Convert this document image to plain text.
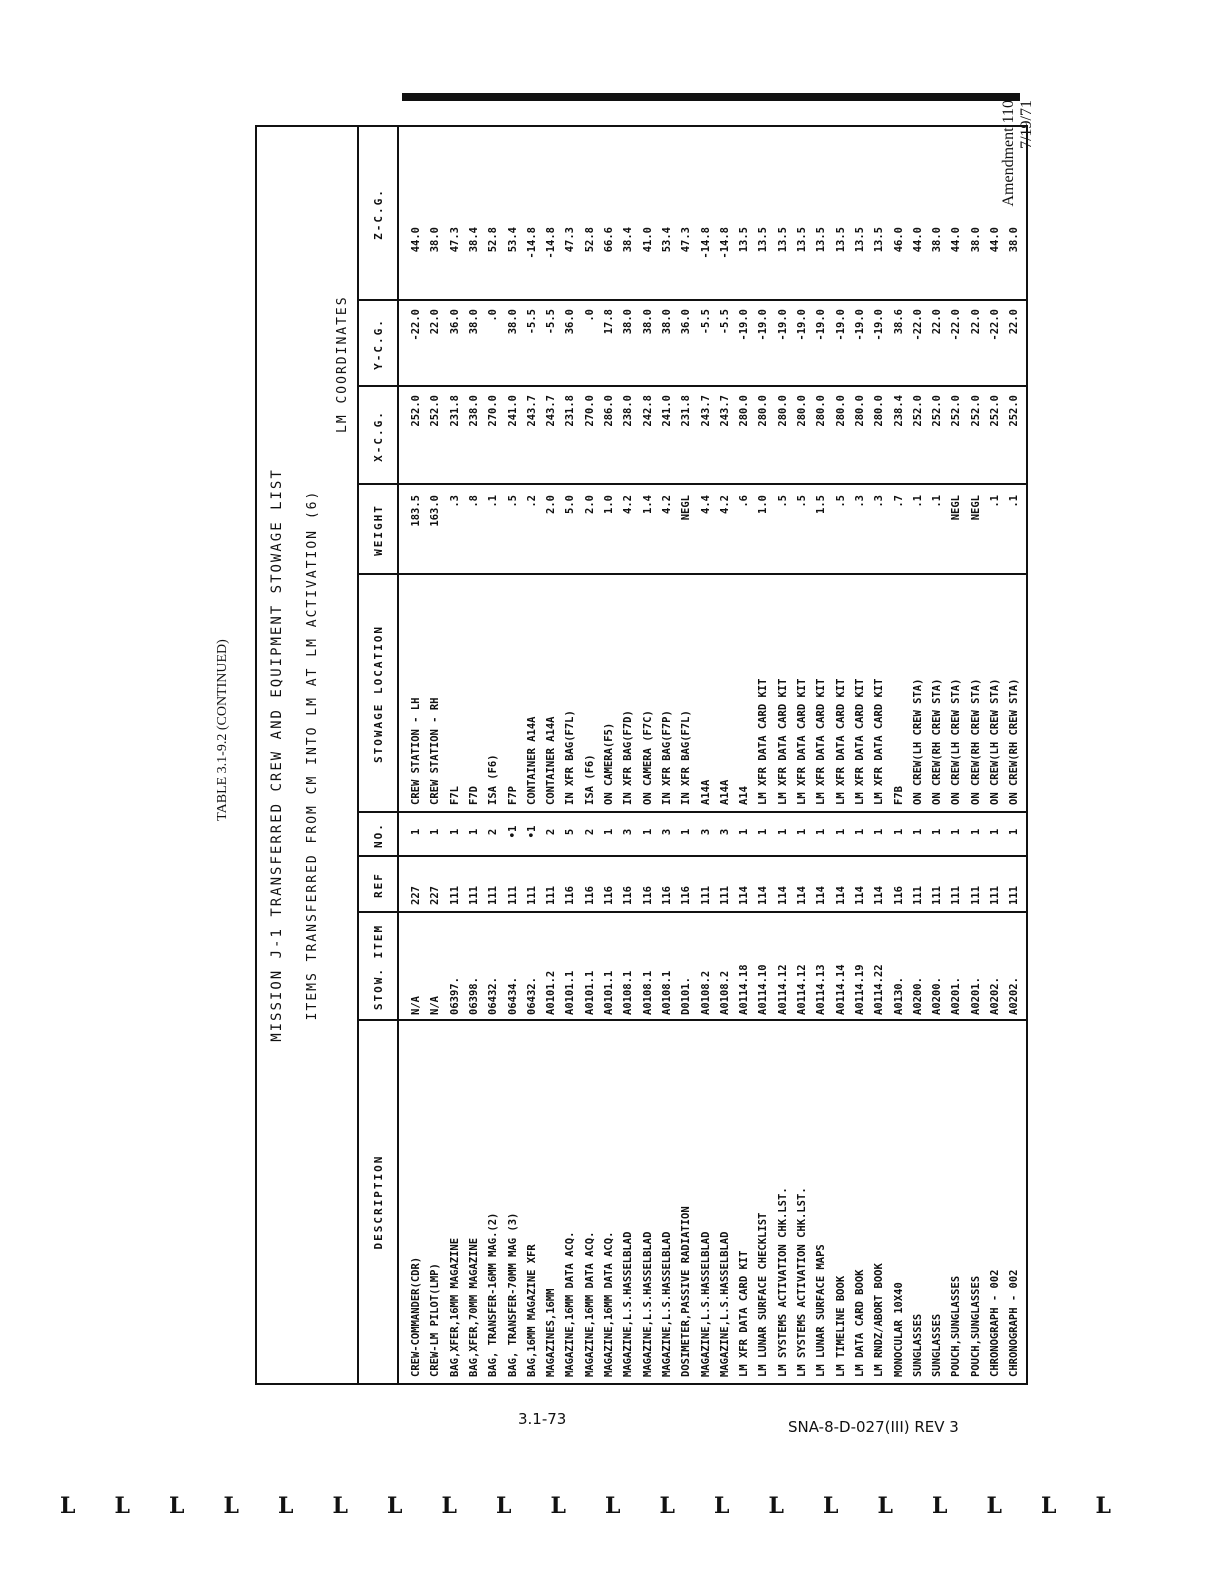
Amendment 110 7/19/71
TABLE 3.1-9.2 (CONTINUED)	MISSION J-1 TRANSFERRED CREW AND EQUIPMENT STOWAGE LIST ITEMS TRANSFERRED FROM CM INTO LM AT LM ACTIVATION (6)
LM COORDINATES
DESCRIPTION
STOW. ITEM
REF
NO.
STOWAGE LOCATION
WEIGHT
X-C.G.
Y-C.G.
Z-C.G.
CREW-COMMANDER(CDR)
N/A
227
1
CREW STATION - LH
183.5
252.0
-22.0
44.0
CREW-LM PILOT(LMP)
N/A
227
1
CREW STATION - RH
163.0
252.0
22.0
38.0
BAG,XFER,16MM MAGAZINE
06397.
111
1
F7L
.3
231.8
36.0
47.3
BAG,XFER,70MM MAGAZINE
06398.
111
1
F7D
.8
238.0
38.0
38.4
BAG, TRANSFER-16MM MAG.(2)
06432.
111
2
ISA (F6)
.1
270.0
.0
52.8
BAG, TRANSFER-70MM MAG (3)
06434.
111
•1
F7P
.5
241.0
38.0
53.4
BAG,16MM MAGAZINE XFR
06432.
111
•1
CONTAINER A14A
.2
243.7
-5.5
-14.8
MAGAZINES,16MM
A0101.2
111
2
CONTAINER A14A
2.0
243.7
-5.5
-14.8
MAGAZINE,16MM DATA ACQ.
A0101.1
116
5
IN XFR BAG(F7L)
5.0
231.8
36.0
47.3
MAGAZINE,16MM DATA ACQ.
A0101.1
116
2
ISA (F6)
2.0
270.0
.0
52.8
MAGAZINE,16MM DATA ACQ.
A0101.1
116
1
ON CAMERA(F5)
1.0
286.0
17.8
66.6
MAGAZINE,L.S.HASSELBLAD
A0108.1
116
3
IN XFR BAG(F7D)
4.2
238.0
38.0
38.4
MAGAZINE,L.S.HASSELBLAD
A0108.1
116
1
ON CAMERA (F7C)
1.4
242.8
38.0
41.0
MAGAZINE,L.S.HASSELBLAD
A0108.1
116
3
IN XFR BAG(F7P)
4.2
241.0
38.0
53.4
DOSIMETER,PASSIVE RADIATION
D0101.
116
1
IN XFR BAG(F7L)
NEGL
231.8
36.0
47.3
MAGAZINE,L.S.HASSELBLAD
A0108.2
111
3
A14A
4.4
243.7
-5.5
-14.8
MAGAZINE,L.S.HASSELBLAD
A0108.2
111
3
A14A
4.2
243.7
-5.5
-14.8
LM XFR DATA CARD KIT
A0114.18
114
1
A14
.6
280.0
-19.0
13.5
LM LUNAR SURFACE CHECKLIST
A0114.10
114
1
LM XFR DATA CARD KIT
1.0
280.0
-19.0
13.5
LM SYSTEMS ACTIVATION CHK.LST.
A0114.12
114
1
LM XFR DATA CARD KIT
.5
280.0
-19.0
13.5
LM SYSTEMS ACTIVATION CHK.LST.
A0114.12
114
1
LM XFR DATA CARD KIT
.5
280.0
-19.0
13.5
LM LUNAR SURFACE MAPS
A0114.13
114
1
LM XFR DATA CARD KIT
1.5
280.0
-19.0
13.5
LM TIMELINE BOOK
A0114.14
114
1
LM XFR DATA CARD KIT
.5
280.0
-19.0
13.5
LM DATA CARD BOOK
A0114.19
114
1
LM XFR DATA CARD KIT
.3
280.0
-19.0
13.5
LM RNDZ/ABORT BOOK
A0114.22
114
1
LM XFR DATA CARD KIT
.3
280.0
-19.0
13.5
MONOCULAR 10X40
A0130.
116
1
F7B
.7
238.4
38.6
46.0
SUNGLASSES
A0200.
111
1
ON CREW(LH CREW STA)
.1
252.0
-22.0
44.0
SUNGLASSES
A0200.
111
1
ON CREW(RH CREW STA)
.1
252.0
22.0
38.0
POUCH,SUNGLASSES
A0201.
111
1
ON CREW(LH CREW STA)
NEGL
252.0
-22.0
44.0
POUCH,SUNGLASSES
A0201.
111
1
ON CREW(RH CREW STA)
NEGL
252.0
22.0
38.0
CHRONOGRAPH - 002
A0202.
111
1
ON CREW(LH CREW STA)
.1
252.0
-22.0
44.0
CHRONOGRAPH - 002
A0202.
111
1
ON CREW(RH CREW STA)
.1
252.0
22.0
38.0
3.1-73	SNA-8-D-027(III) REV 3
L L L L L L L L L L L L L L L L L L L L
